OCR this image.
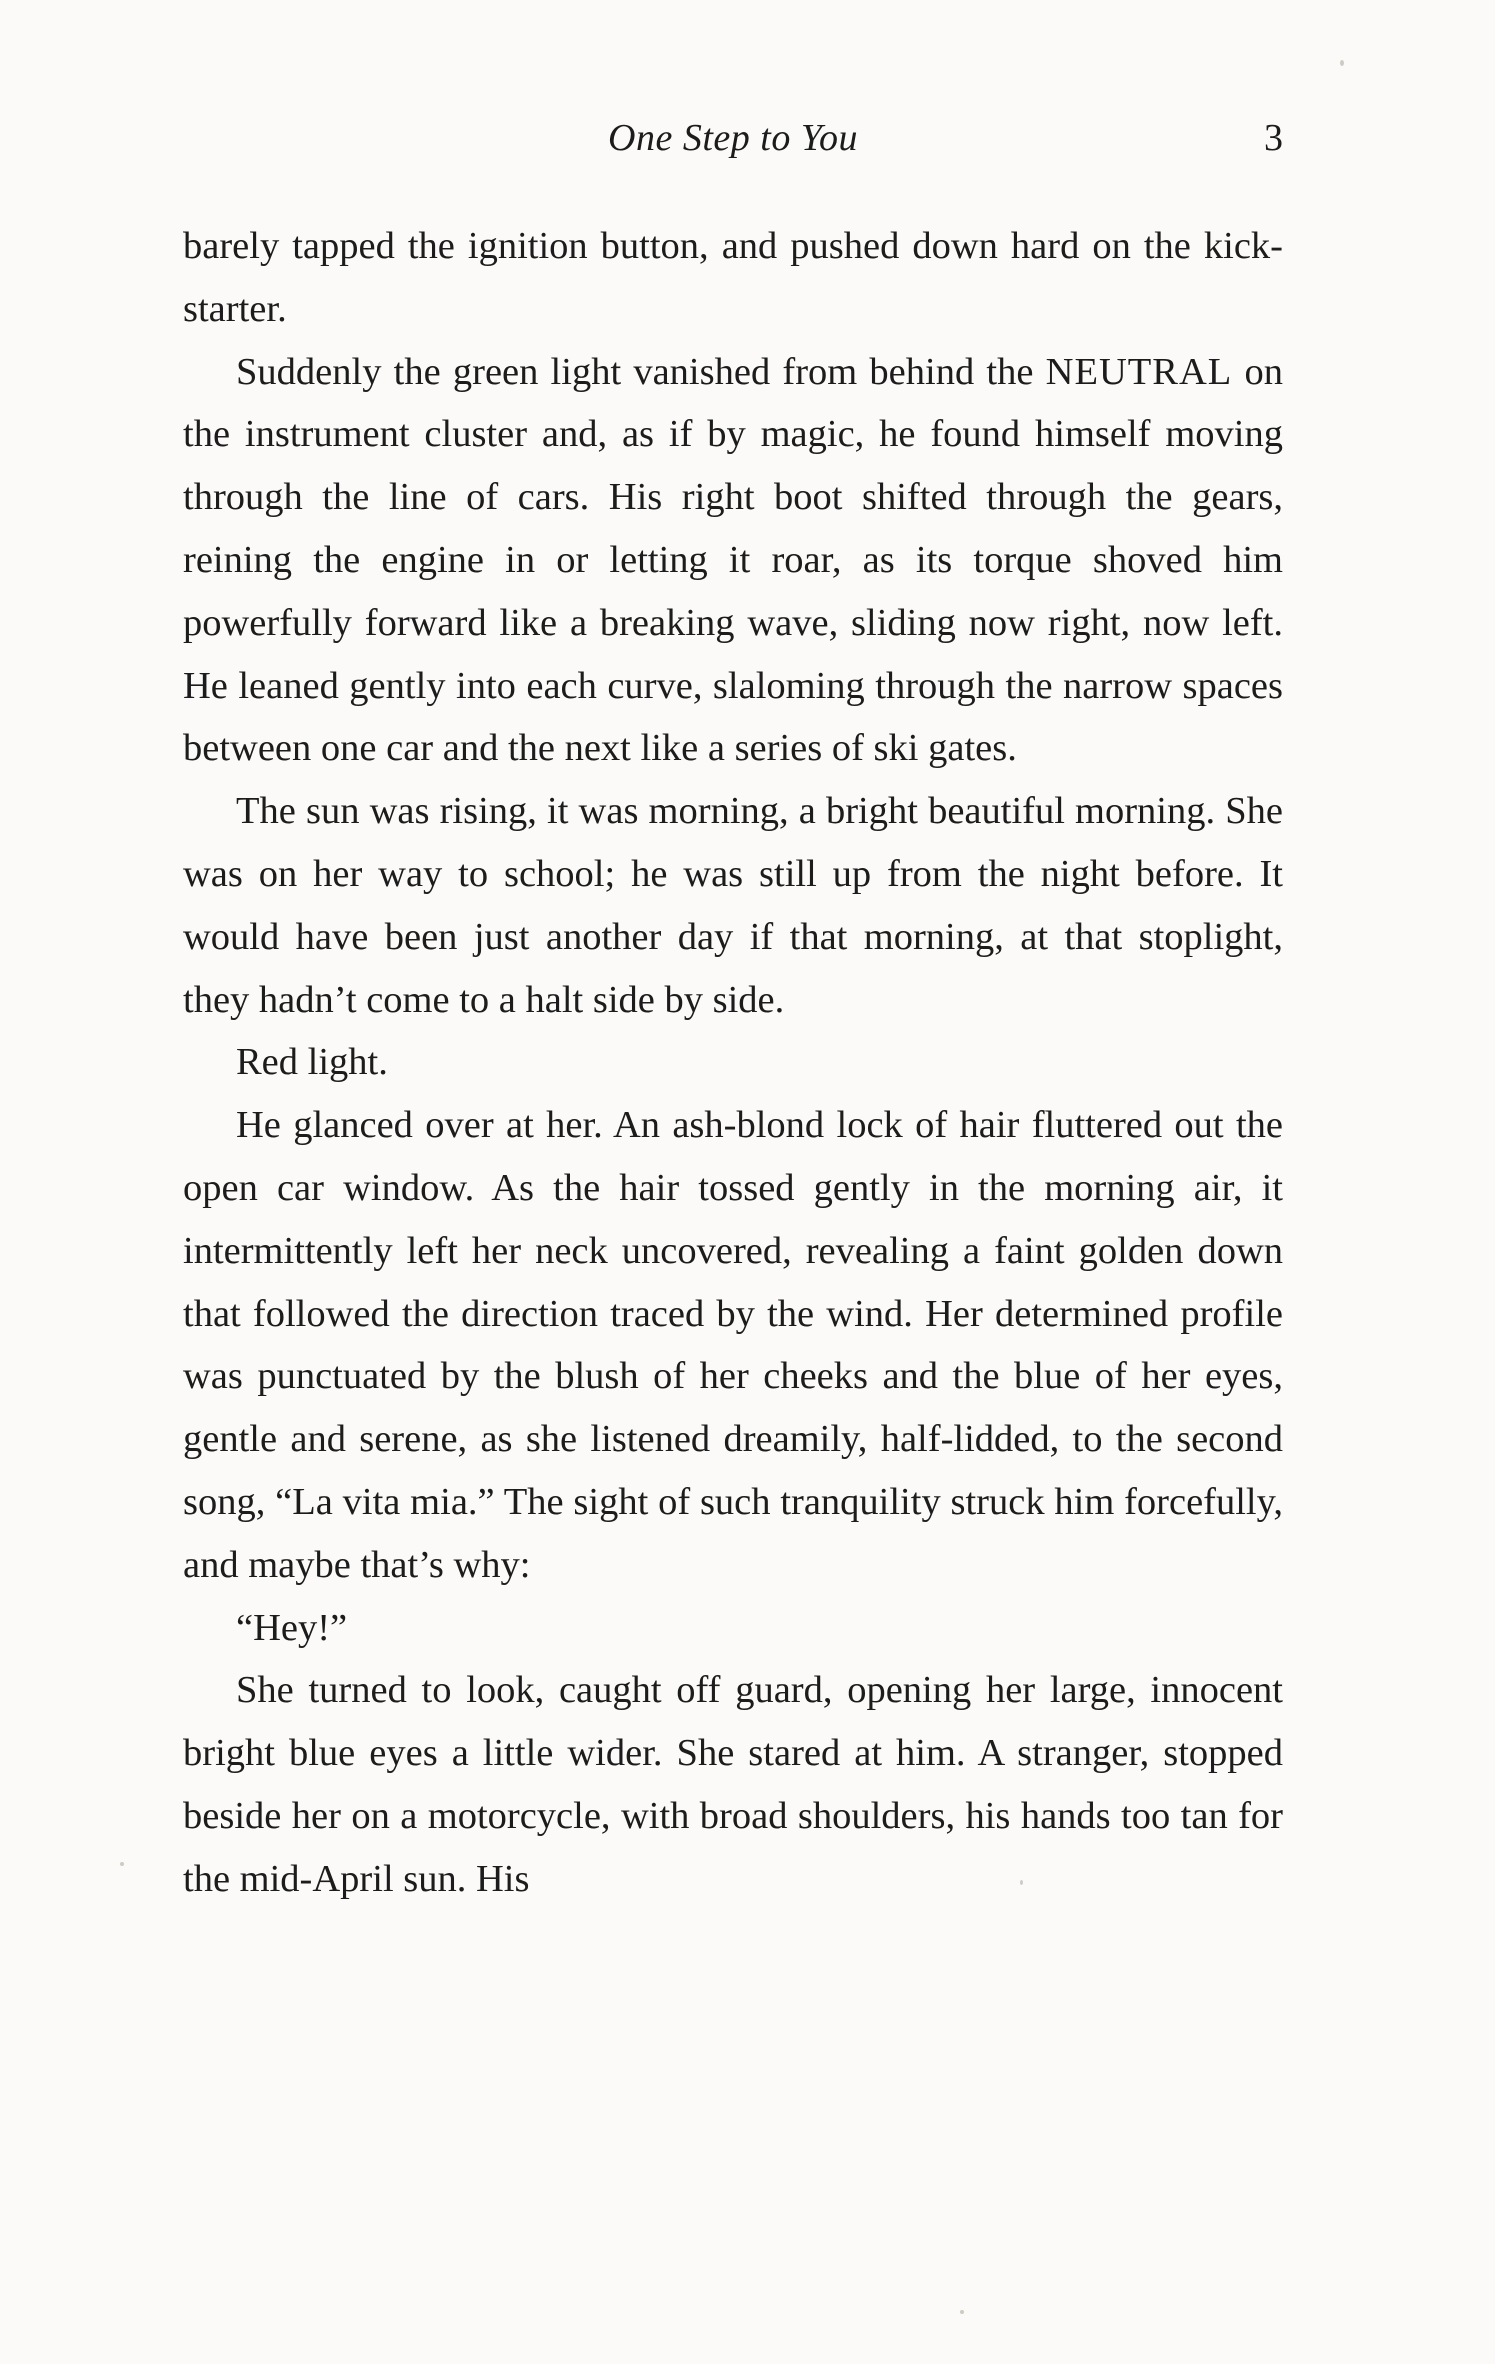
One Step to You	3

barely tapped the ignition button, and pushed down hard on the kick-starter.

Suddenly the green light vanished from behind the NEUTRAL on the instrument cluster and, as if by magic, he found himself moving through the line of cars. His right boot shifted through the gears, reining the engine in or letting it roar, as its torque shoved him powerfully forward like a breaking wave, sliding now right, now left. He leaned gently into each curve, slaloming through the narrow spaces between one car and the next like a series of ski gates.

The sun was rising, it was morning, a bright beautiful morning. She was on her way to school; he was still up from the night before. It would have been just another day if that morning, at that stoplight, they hadn’t come to a halt side by side.

Red light.

He glanced over at her. An ash-blond lock of hair fluttered out the open car window. As the hair tossed gently in the morning air, it intermittently left her neck uncovered, revealing a faint golden down that followed the direction traced by the wind. Her determined profile was punctuated by the blush of her cheeks and the blue of her eyes, gentle and serene, as she listened dreamily, half-lidded, to the second song, “La vita mia.” The sight of such tranquility struck him forcefully, and maybe that’s why:

“Hey!”

She turned to look, caught off guard, opening her large, innocent bright blue eyes a little wider. She stared at him. A stranger, stopped beside her on a motorcycle, with broad shoulders, his hands too tan for the mid-April sun. His
